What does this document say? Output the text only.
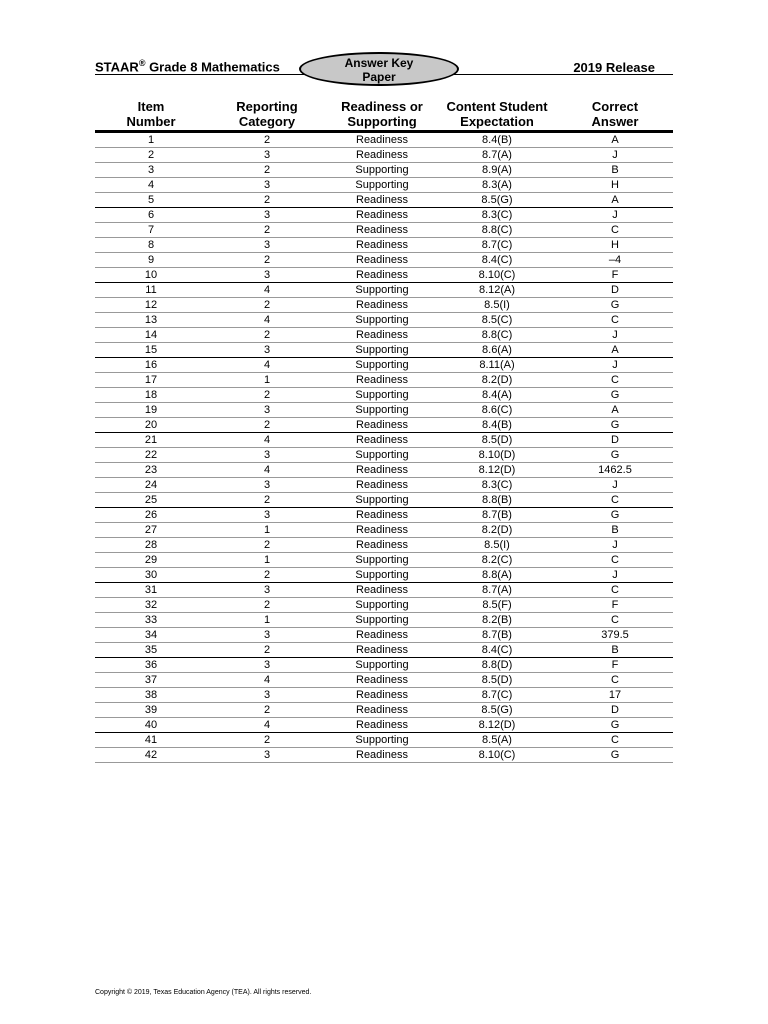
STAAR® Grade 8 Mathematics	Answer Key
Paper
2019 Release
Item
Number
Reporting
Category
Readiness or
Supporting
Content Student
Expectation
Correct
Answer
1	2	Readiness	8.4(B)	A
2	3	Readiness	8.7(A)	J
3	2	Supporting	8.9(A)	B
4	3	Supporting	8.3(A)	H
5	2	Readiness	8.5(G)	A
6	3	Readiness	8.3(C)	J
7	2	Readiness	8.8(C)	C
8	3	Readiness	8.7(C)	H
9	2	Readiness	8.4(C)	–4
10	3	Readiness	8.10(C)	F
11	4	Supporting	8.12(A)	D
12	2	Readiness	8.5(I)	G
13	4	Supporting	8.5(C)	C
14	2	Readiness	8.8(C)	J
15	3	Supporting	8.6(A)	A
16	4	Supporting	8.11(A)	J
17	1	Readiness	8.2(D)	C
18	2	Supporting	8.4(A)	G
19	3	Supporting	8.6(C)	A
20	2	Readiness	8.4(B)	G
21	4	Readiness	8.5(D)	D
22	3	Supporting	8.10(D)	G
23	4	Readiness	8.12(D)	1462.5
24	3	Readiness	8.3(C)	J
25	2	Supporting	8.8(B)	C
26	3	Readiness	8.7(B)	G
27	1	Readiness	8.2(D)	B
28	2	Readiness	8.5(I)	J
29	1	Supporting	8.2(C)	C
30	2	Supporting	8.8(A)	J
31	3	Readiness	8.7(A)	C
32	2	Supporting	8.5(F)	F
33	1	Supporting	8.2(B)	C
34	3	Readiness	8.7(B)	379.5
35	2	Readiness	8.4(C)	B
36	3	Supporting	8.8(D)	F
37	4	Readiness	8.5(D)	C
38	3	Readiness	8.7(C)	17
39	2	Readiness	8.5(G)	D
40	4	Readiness	8.12(D)	G
41	2	Supporting	8.5(A)	C
42	3	Readiness	8.10(C)	G
Copyright © 2019, Texas Education Agency (TEA). All rights reserved.
